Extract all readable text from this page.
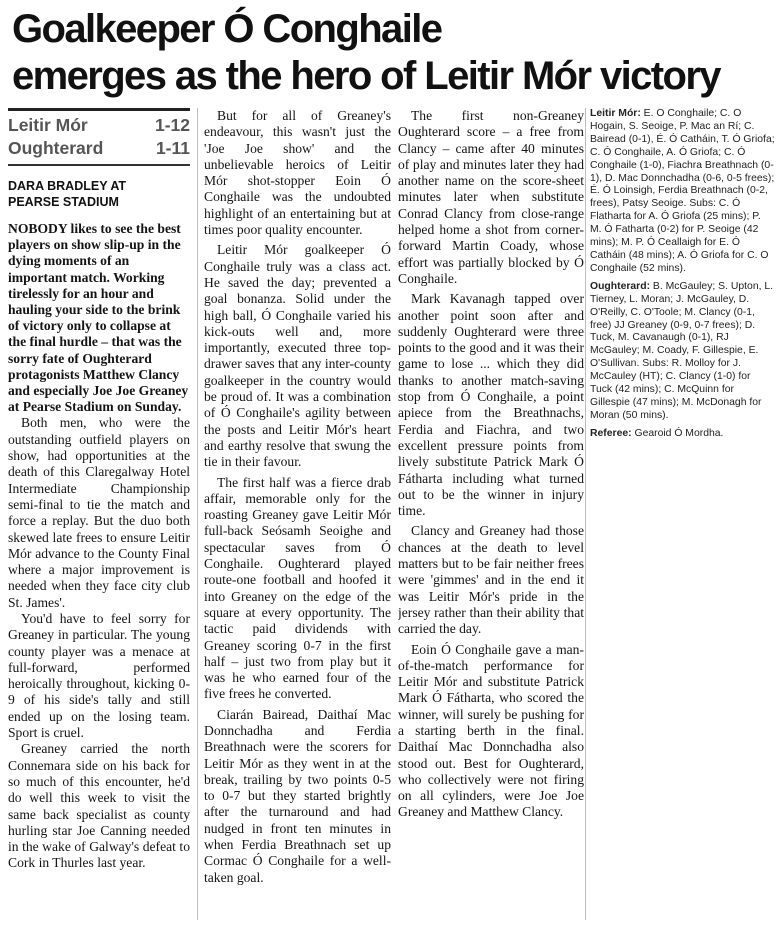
Goalkeeper Ó Conghaile
emerges as the hero of Leitir Mór victory
Leitir Mór	1-12
Oughterard	1-11
DARA BRADLEY AT
PEARSE STADIUM

NOBODY likes to see the best players on show slip-up in the dying moments of an important match. Working tirelessly for an hour and hauling your side to the brink of victory only to collapse at the final hurdle – that was the sorry fate of Oughterard protagonists Matthew Clancy and especially Joe Joe Greaney at Pearse Stadium on Sunday.

Both men, who were the outstanding outfield players on show, had opportunities at the death of this Claregalway Hotel Intermediate Championship semi-final to tie the match and force a replay. But the duo both skewed late frees to ensure Leitir Mór advance to the County Final where a major improvement is needed when they face city club St. James'.

You'd have to feel sorry for Greaney in particular. The young county player was a menace at full-forward, performed heroically throughout, kicking 0-9 of his side's tally and still ended up on the losing team. Sport is cruel.

Greaney carried the north Connemara side on his back for so much of this encounter, he'd do well this week to visit the same back specialist as county hurling star Joe Canning needed in the wake of Galway's defeat to Cork in Thurles last year.

But for all of Greaney's endeavour, this wasn't just the 'Joe Joe show' and the unbelievable heroics of Leitir Mór shot-stopper Eoin Ó Conghaile was the undoubted highlight of an entertaining but at times poor quality encounter.

Leitir Mór goalkeeper Ó Conghaile truly was a class act. He saved the day; prevented a goal bonanza. Solid under the high ball, Ó Conghaile varied his kick-outs well and, more importantly, executed three top-drawer saves that any inter-county goalkeeper in the country would be proud of. It was a combination of Ó Conghaile's agility between the posts and Leitir Mór's heart and earthy resolve that swung the tie in their favour.

The first half was a fierce drab affair, memorable only for the roasting Greaney gave Leitir Mór full-back Seósamh Seoighe and spectacular saves from Ó Conghaile. Oughterard played route-one football and hoofed it into Greaney on the edge of the square at every opportunity. The tactic paid dividends with Greaney scoring 0-7 in the first half – just two from play but it was he who earned four of the five frees he converted.

Ciarán Bairead, Daithaí Mac Donnchadha and Ferdia Breathnach were the scorers for Leitir Mór as they went in at the break, trailing by two points 0-5 to 0-7 but they started brightly after the turnaround and had nudged in front ten minutes in when Ferdia Breathnach set up Cormac Ó Conghaile for a well-taken goal.

The first non-Greaney Oughterard score – a free from Clancy – came after 40 minutes of play and minutes later they had another name on the score-sheet minutes later when substitute Conrad Clancy from close-range helped home a shot from corner-forward Martin Coady, whose effort was partially blocked by Ó Conghaile.

Mark Kavanagh tapped over another point soon after and suddenly Oughterard were three points to the good and it was their game to lose ... which they did thanks to another match-saving stop from Ó Conghaile, a point apiece from the Breathnachs, Ferdia and Fiachra, and two excellent pressure points from lively substitute Patrick Mark Ó Fátharta including what turned out to be the winner in injury time.

Clancy and Greaney had those chances at the death to level matters but to be fair neither frees were 'gimmes' and in the end it was Leitir Mór's pride in the jersey rather than their ability that carried the day.

Eoin Ó Conghaile gave a man-of-the-match performance for Leitir Mór and substitute Patrick Mark Ó Fátharta, who scored the winner, will surely be pushing for a starting berth in the final. Daithaí Mac Donnchadha also stood out. Best for Oughterard, who collectively were not firing on all cylinders, were Joe Joe Greaney and Matthew Clancy.

Leitir Mór: E. Ó Conghaile; C. Ó Hogain, S. Seoige, P. Mac an Rí; C. Bairead (0-1), É. Ó Catháin, T. Ó Griofa; C. Ó Conghaile, A. Ó Griofa; C. Ó Conghaile (1-0), Fiachra Breathnach (0-1), D. Mac Donnchadha (0-6, 0-5 frees); É. Ó Loinsigh, Ferdia Breathnach (0-2, frees), Patsy Seoige. Subs: C. Ó Flatharta for A. Ó Griofa (25 mins); P. M. Ó Fatharta (0-2) for P. Seoige (42 mins); M. P. Ó Ceallaigh for E. Ó Catháin (48 mins); A. Ó Griofa for C. O Conghaile (52 mins).
Oughterard: B. McGauley; S. Upton, L. Tierney, L. Moran; J. McGauley, D. O'Reilly, C. O'Toole; M. Clancy (0-1, free) JJ Greaney (0-9, 0-7 frees); D. Tuck, M. Cavanaugh (0-1), RJ McGauley; M. Coady, F. Gillespie, E. O'Sullivan. Subs: R. Molloy for J. McCauley (HT); C. Clancy (1-0) for Tuck (42 mins); C. McQuinn for Gillespie (47 mins); M. McDonagh for Moran (50 mins).
Referee: Gearoid Ó Mordha.
